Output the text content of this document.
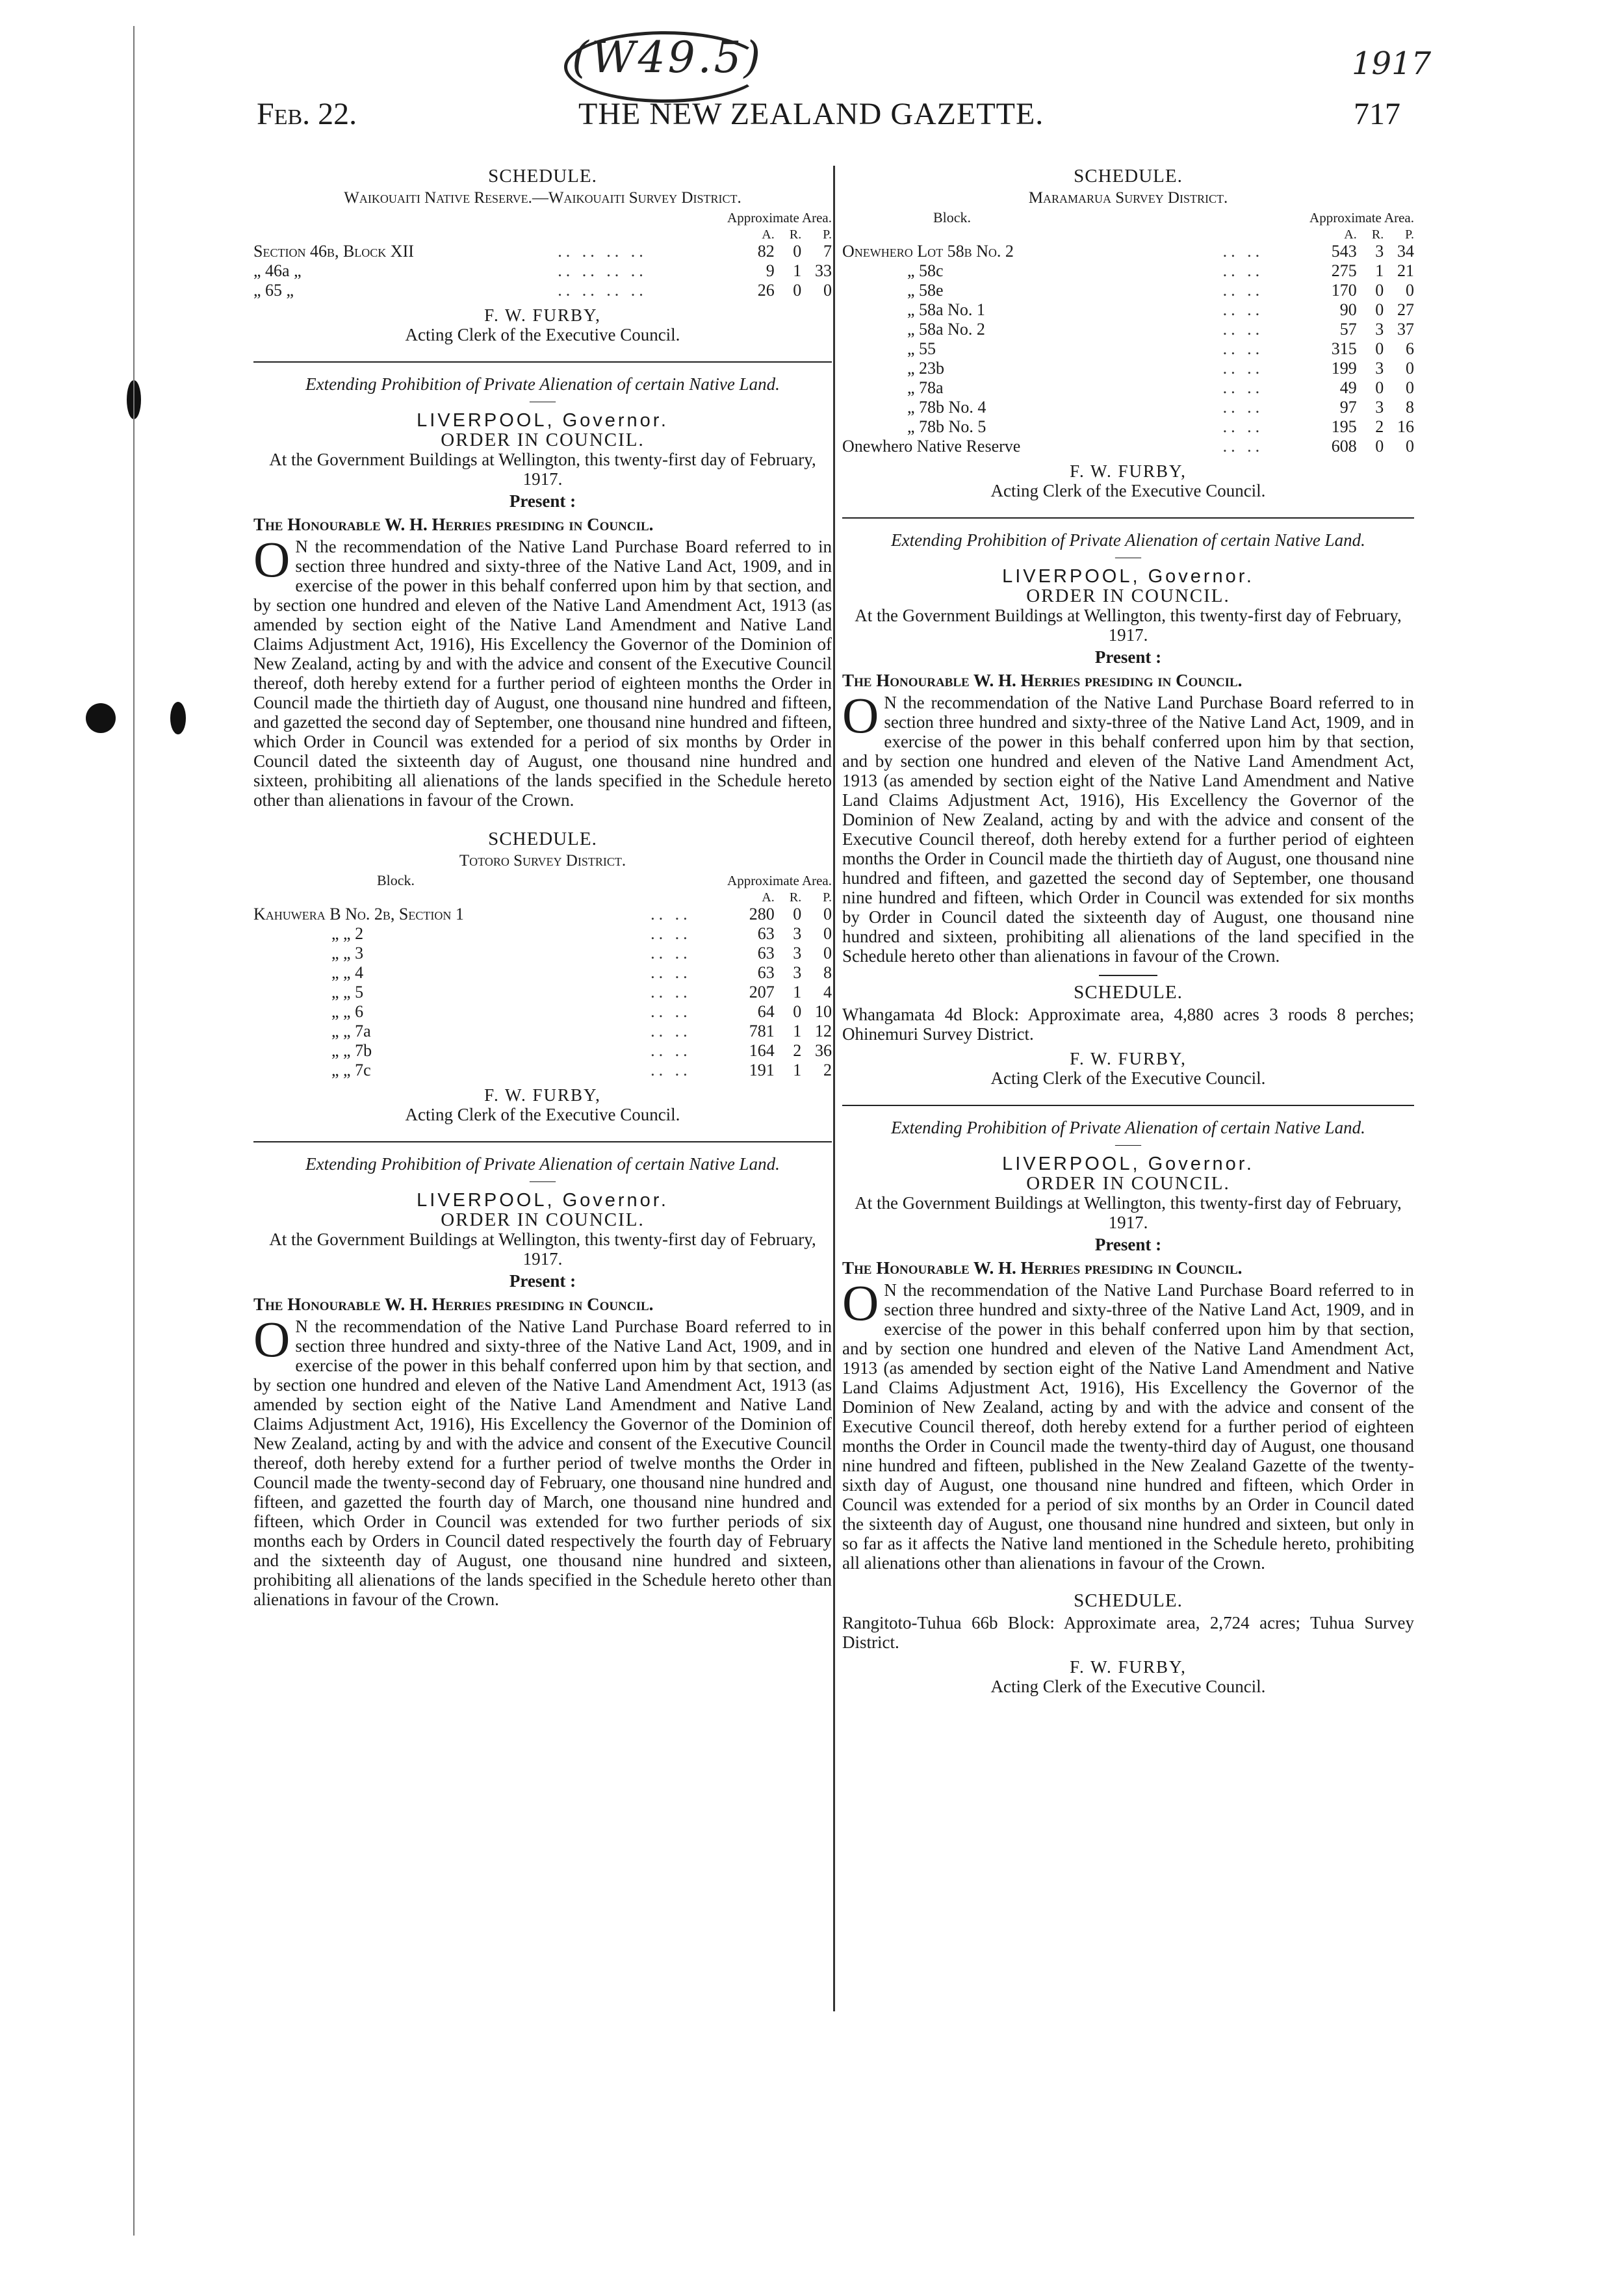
(W49.5)	1917
Feb. 22.	THE NEW ZEALAND GAZETTE.	717
SCHEDULE.
Waikouaiti Native Reserve.—Waikouaiti Survey District.
		Approximate Area.		
		A.	R.	P.
Section 46b, Block XII	.. .. .. ..	82	0	7
„ 46a „	.. .. .. ..	9	1	33
„ 65 „	.. .. .. ..	26	0	0
F. W. FURBY,
Acting Clerk of the Executive Council.
Extending Prohibition of Private Alienation of certain Native Land.
——
LIVERPOOL, Governor.
ORDER IN COUNCIL.
At the Government Buildings at Wellington, this twenty-first day of February, 1917.
Present :
The Honourable W. H. Herries presiding in Council.
O N the recommendation of the Native Land Purchase Board referred to in section three hundred and sixty-three of the Native Land Act, 1909, and in exercise of the power in this behalf conferred upon him by that section, and by section one hundred and eleven of the Native Land Amendment Act, 1913 (as amended by section eight of the Native Land Amendment and Native Land Claims Adjustment Act, 1916), His Excellency the Governor of the Dominion of New Zealand, acting by and with the advice and consent of the Executive Council thereof, doth hereby extend for a further period of eighteen months the Order in Council made the thirtieth day of August, one thousand nine hundred and fifteen, and gazetted the second day of September, one thousand nine hundred and fifteen, which Order in Council was extended for a period of six months by Order in Council dated the sixteenth day of August, one thousand nine hundred and sixteen, prohibiting all alienations of the lands specified in the Schedule hereto other than alienations in favour of the Crown.
SCHEDULE.
Totoro Survey District.
Block.		Approximate Area.		
		A.	R.	P.
Kahuwera B No. 2b, Section 1	.. ..	280	0	0
„ „ 2	.. ..	63	3	0
„ „ 3	.. ..	63	3	0
„ „ 4	.. ..	63	3	8
„ „ 5	.. ..	207	1	4
„ „ 6	.. ..	64	0	10
„ „ 7a	.. ..	781	1	12
„ „ 7b	.. ..	164	2	36
„ „ 7c	.. ..	191	1	2
F. W. FURBY,
Acting Clerk of the Executive Council.
Extending Prohibition of Private Alienation of certain Native Land.
——
LIVERPOOL, Governor.
ORDER IN COUNCIL.
At the Government Buildings at Wellington, this twenty-first day of February, 1917.
Present :
The Honourable W. H. Herries presiding in Council.
O N the recommendation of the Native Land Purchase Board referred to in section three hundred and sixty-three of the Native Land Act, 1909, and in exercise of the power in this behalf conferred upon him by that section, and by section one hundred and eleven of the Native Land Amendment Act, 1913 (as amended by section eight of the Native Land Amendment and Native Land Claims Adjustment Act, 1916), His Excellency the Governor of the Dominion of New Zealand, acting by and with the advice and consent of the Executive Council thereof, doth hereby extend for a further period of twelve months the Order in Council made the twenty-second day of February, one thousand nine hundred and fifteen, and gazetted the fourth day of March, one thousand nine hundred and fifteen, which Order in Council was extended for two further periods of six months each by Orders in Council dated respectively the fourth day of February and the sixteenth day of August, one thousand nine hundred and sixteen, prohibiting all alienations of the lands specified in the Schedule hereto other than alienations in favour of the Crown.
SCHEDULE.
Maramarua Survey District.
Block.		Approximate Area.		
		A.	R.	P.
Onewhero Lot 58b No. 2	.. ..	543	3	34
„ 58c	.. ..	275	1	21
„ 58e	.. ..	170	0	0
„ 58a No. 1	.. ..	90	0	27
„ 58a No. 2	.. ..	57	3	37
„ 55	.. ..	315	0	6
„ 23b	.. ..	199	3	0
„ 78a	.. ..	49	0	0
„ 78b No. 4	.. ..	97	3	8
„ 78b No. 5	.. ..	195	2	16
Onewhero Native Reserve	.. ..	608	0	0
F. W. FURBY,
Acting Clerk of the Executive Council.
Extending Prohibition of Private Alienation of certain Native Land.
——
LIVERPOOL, Governor.
ORDER IN COUNCIL.
At the Government Buildings at Wellington, this twenty-first day of February, 1917.
Present :
The Honourable W. H. Herries presiding in Council.
O N the recommendation of the Native Land Purchase Board referred to in section three hundred and sixty-three of the Native Land Act, 1909, and in exercise of the power in this behalf conferred upon him by that section, and by section one hundred and eleven of the Native Land Amendment Act, 1913 (as amended by section eight of the Native Land Amendment and Native Land Claims Adjustment Act, 1916), His Excellency the Governor of the Dominion of New Zealand, acting by and with the advice and consent of the Executive Council thereof, doth hereby extend for a further period of eighteen months the Order in Council made the thirtieth day of August, one thousand nine hundred and fifteen, and gazetted the second day of September, one thousand nine hundred and fifteen, which Order in Council was extended for six months by Order in Council dated the sixteenth day of August, one thousand nine hundred and sixteen, prohibiting all alienations of the land specified in the Schedule hereto other than alienations in favour of the Crown.
SCHEDULE.
Whangamata 4d Block: Approximate area, 4,880 acres 3 roods 8 perches; Ohinemuri Survey District.
F. W. FURBY,
Acting Clerk of the Executive Council.
Extending Prohibition of Private Alienation of certain Native Land.
——
LIVERPOOL, Governor.
ORDER IN COUNCIL.
At the Government Buildings at Wellington, this twenty-first day of February, 1917.
Present :
The Honourable W. H. Herries presiding in Council.
O N the recommendation of the Native Land Purchase Board referred to in section three hundred and sixty-three of the Native Land Act, 1909, and in exercise of the power in this behalf conferred upon him by that section, and by section one hundred and eleven of the Native Land Amendment Act, 1913 (as amended by section eight of the Native Land Amendment and Native Land Claims Adjustment Act, 1916), His Excellency the Governor of the Dominion of New Zealand, acting by and with the advice and consent of the Executive Council thereof, doth hereby extend for a further period of eighteen months the Order in Council made the twenty-third day of August, one thousand nine hundred and fifteen, published in the New Zealand Gazette of the twenty-sixth day of August, one thousand nine hundred and fifteen, which Order in Council was extended for a period of six months by an Order in Council dated the sixteenth day of August, one thousand nine hundred and sixteen, but only in so far as it affects the Native land mentioned in the Schedule hereto, prohibiting all alienations other than alienations in favour of the Crown.
SCHEDULE.
Rangitoto-Tuhua 66b Block: Approximate area, 2,724 acres; Tuhua Survey District.
F. W. FURBY,
Acting Clerk of the Executive Council.
